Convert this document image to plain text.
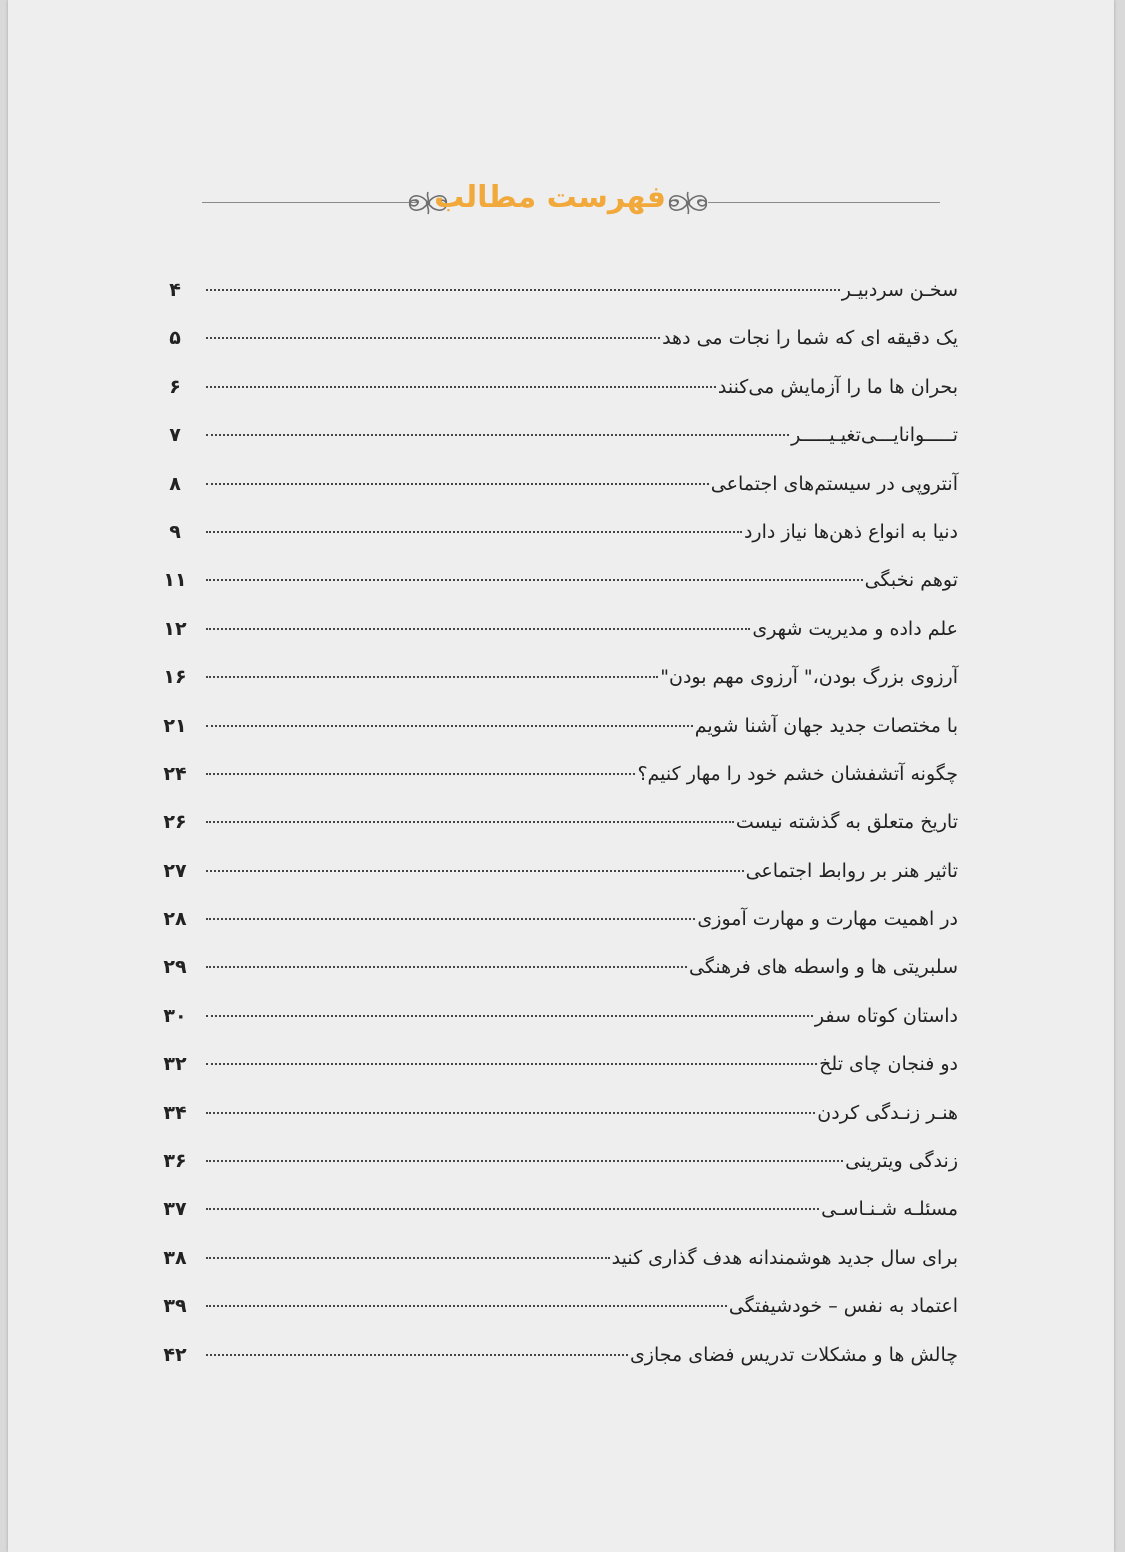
فهرست مطالب
سخـن سردبیـر
۴
یک دقیقه ای که شما را نجات می دهد
۵
بحران ها ما را آزمایش می‌کنند
۶
تـــــوانایـــی‌تغیـیـــــر
۷
آنتروپی در سیستم‌های اجتماعی
۸
دنیا به انواع ذهن‌ها نیاز دارد
۹
توهم نخبگی
۱۱
علم داده و مدیریت شهری
۱۲
آرزوی بزرگ بودن،" آرزوی مهم بودن"
۱۶
با مختصات جدید جهان آشنا شویم
۲۱
چگونه آتشفشان خشم خود را مهار کنیم؟
۲۴
تاریخ متعلق به گذشته نیست
۲۶
تاثیر هنر بر روابط اجتماعی
۲۷
در اهمیت مهارت و مهارت آموزی
۲۸
سلبریتی ها و واسطه های فرهنگی
۲۹
داستان کوتاه سفر
۳۰
دو فنجان چای تلخ
۳۲
هنـر زنـدگی کردن
۳۴
زندگی ویترینی
۳۶
مسئلـه شـنـاسـی
۳۷
برای سال جدید هوشمندانه هدف گذاری کنید
۳۸
اعتماد به نفس – خودشیفتگی
۳۹
چالش ها و مشکلات تدریس فضای مجازی
۴۲
